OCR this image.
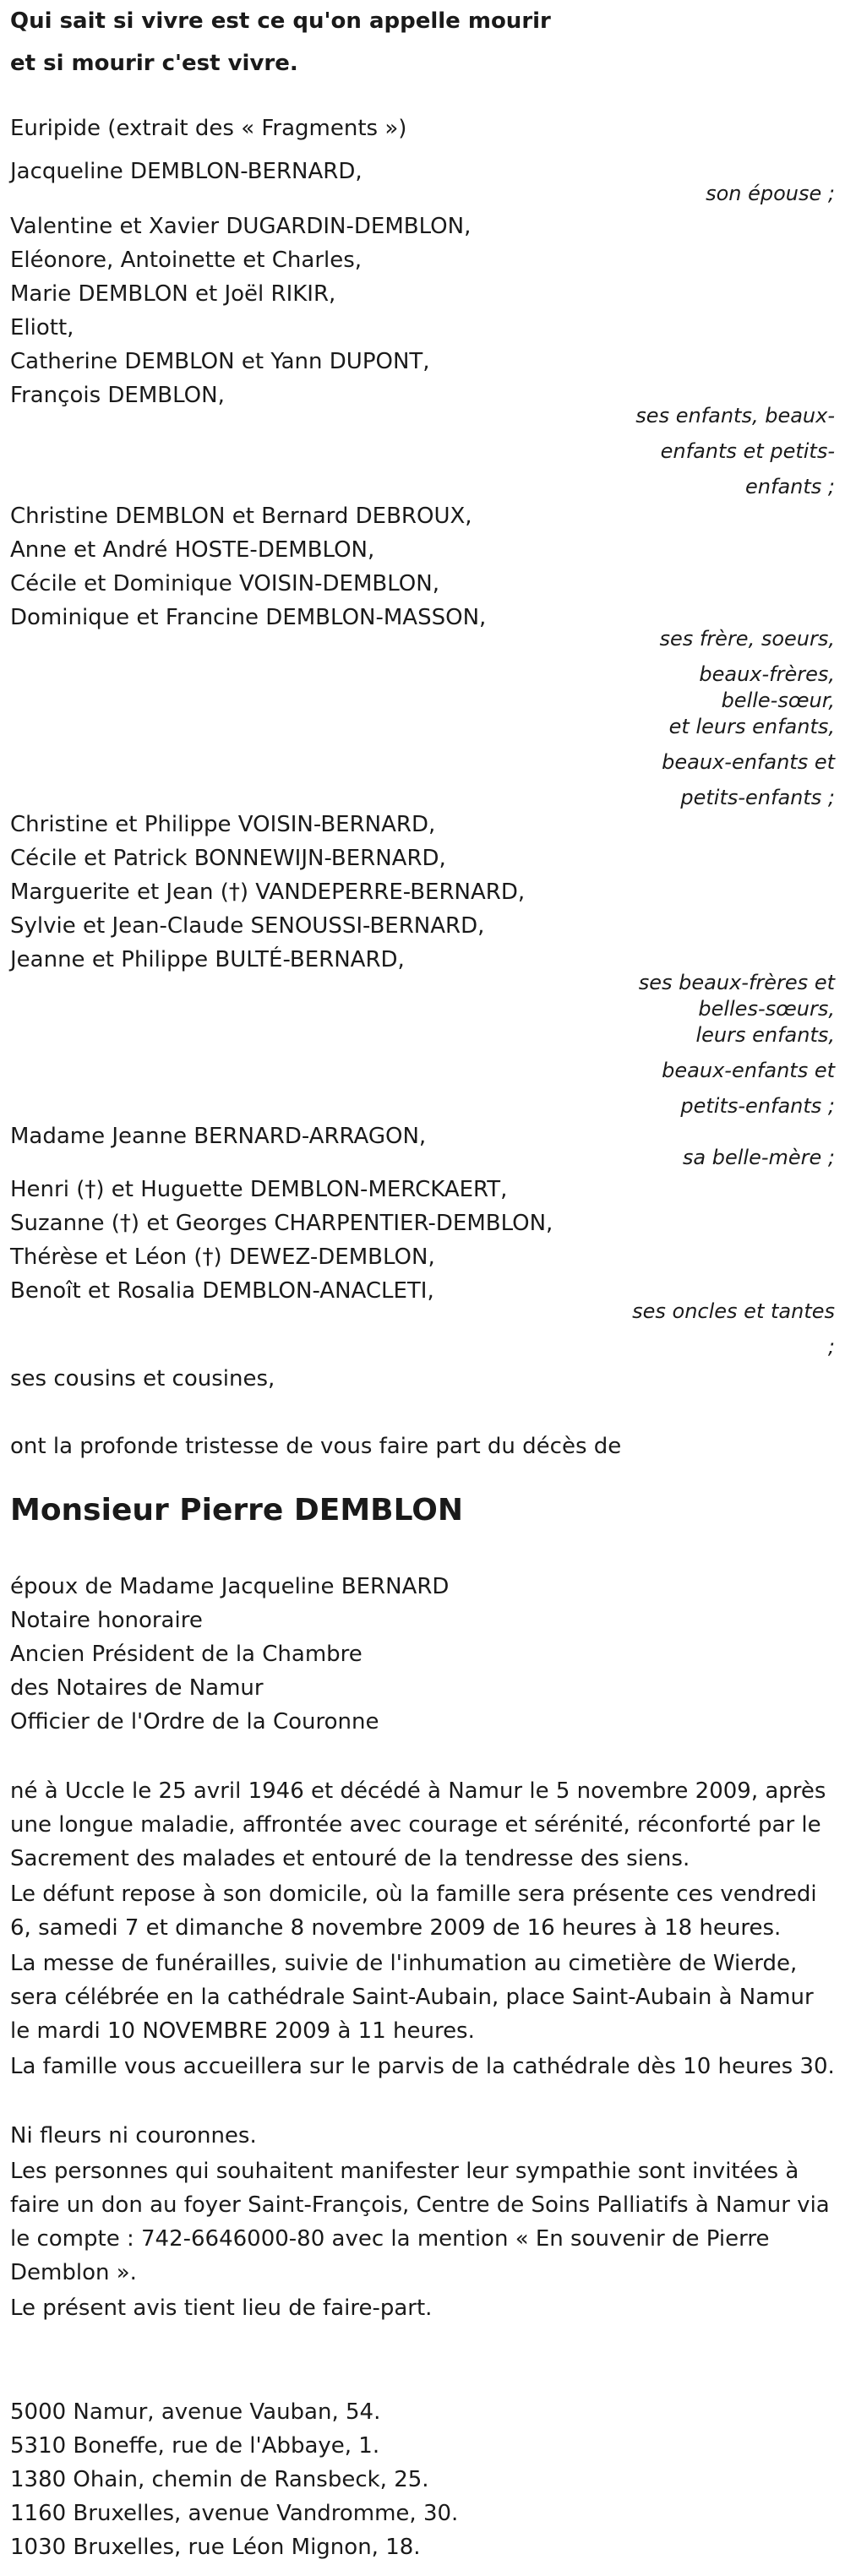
Qui sait si vivre est ce qu'on appelle mourir
et si mourir c'est vivre.
Euripide (extrait des « Fragments »)
Jacqueline DEMBLON-BERNARD,
son épouse ;
Valentine et Xavier DUGARDIN-DEMBLON,
Eléonore, Antoinette et Charles,
Marie DEMBLON et Joël RIKIR,
Eliott,
Catherine DEMBLON et Yann DUPONT,
François DEMBLON,
ses enfants, beaux-
enfants et petits-
enfants ;
Christine DEMBLON et Bernard DEBROUX,
Anne et André HOSTE-DEMBLON,
Cécile et Dominique VOISIN-DEMBLON,
Dominique et Francine DEMBLON-MASSON,
ses frère, soeurs,
beaux-frères,
belle-sœur,
et leurs enfants,
beaux-enfants et
petits-enfants ;
Christine et Philippe VOISIN-BERNARD,
Cécile et Patrick BONNEWIJN-BERNARD,
Marguerite et Jean (†) VANDEPERRE-BERNARD,
Sylvie et Jean-Claude SENOUSSI-BERNARD,
Jeanne et Philippe BULTÉ-BERNARD,
ses beaux-frères et
belles-sœurs,
leurs enfants,
beaux-enfants et
petits-enfants ;
Madame Jeanne BERNARD-ARRAGON,
sa belle-mère ;
Henri (†) et Huguette DEMBLON-MERCKAERT,
Suzanne (†) et Georges CHARPENTIER-DEMBLON,
Thérèse et Léon (†) DEWEZ-DEMBLON,
Benoît et Rosalia DEMBLON-ANACLETI,
ses oncles et tantes
;
ses cousins et cousines,
ont la profonde tristesse de vous faire part du décès de
Monsieur Pierre DEMBLON
époux de Madame Jacqueline BERNARD
Notaire honoraire
Ancien Président de la Chambre
des Notaires de Namur
Officier de l'Ordre de la Couronne
né à Uccle le 25 avril 1946 et décédé à Namur le 5 novembre 2009, après une longue maladie, affrontée avec courage et sérénité, réconforté par le Sacrement des malades et entouré de la tendresse des siens.
Le défunt repose à son domicile, où la famille sera présente ces vendredi 6, samedi 7 et dimanche 8 novembre 2009 de 16 heures à 18 heures.
La messe de funérailles, suivie de l'inhumation au cimetière de Wierde, sera célébrée en la cathédrale Saint-Aubain, place Saint-Aubain à Namur le mardi 10 NOVEMBRE 2009 à 11 heures.
La famille vous accueillera sur le parvis de la cathédrale dès 10 heures 30.
Ni fleurs ni couronnes.
Les personnes qui souhaitent manifester leur sympathie sont invitées à faire un don au foyer Saint-François, Centre de Soins Palliatifs à Namur via le compte : 742-6646000-80 avec la mention « En souvenir de Pierre Demblon ».
Le présent avis tient lieu de faire-part.
5000 Namur, avenue Vauban, 54.
5310 Boneffe, rue de l'Abbaye, 1.
1380 Ohain, chemin de Ransbeck, 25.
1160 Bruxelles, avenue Vandromme, 30.
1030 Bruxelles, rue Léon Mignon, 18.
